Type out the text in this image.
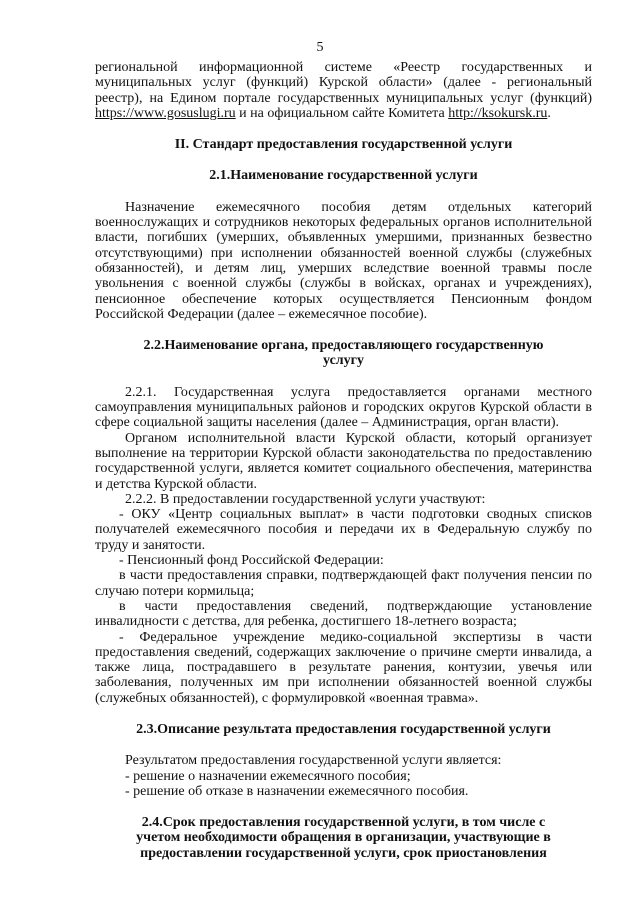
5

региональной информационной системе «Реестр государственных и муниципальных услуг (функций) Курской области» (далее - региональный реестр), на Едином портале государственных муниципальных услуг (функций) https://www.gosuslugi.ru и на официальном сайте Комитета http://ksokursk.ru.

II. Стандарт предоставления государственной услуги
2.1.Наименование государственной услуги

Назначение ежемесячного пособия детям отдельных категорий военнослужащих и сотрудников некоторых федеральных органов исполнительной власти, погибших (умерших, объявленных умершими, признанных безвестно отсутствующими) при исполнении обязанностей военной службы (служебных обязанностей), и детям лиц, умерших вследствие военной травмы после увольнения с военной службы (службы в войсках, органах и учреждениях), пенсионное обеспечение которых осуществляется Пенсионным фондом Российской Федерации (далее – ежемесячное пособие).

2.2.Наименование органа, предоставляющего государственную
услугу

2.2.1. Государственная услуга предоставляется органами местного самоуправления муниципальных районов и городских округов Курской области в сфере социальной защиты населения (далее – Администрация, орган власти).

Органом исполнительной власти Курской области, который организует выполнение на территории Курской области законодательства по предоставлению государственной услуги, является комитет социального обеспечения, материнства и детства Курской области.

2.2.2. В предоставлении государственной услуги участвуют:

- ОКУ «Центр социальных выплат» в части подготовки сводных списков получателей ежемесячного пособия и передачи их в Федеральную службу по труду и занятости.

- Пенсионный фонд Российской Федерации:

в части предоставления справки, подтверждающей факт получения пенсии по случаю потери кормильца;

в части предоставления сведений, подтверждающие установление инвалидности с детства, для ребенка, достигшего 18-летнего возраста;

- Федеральное учреждение медико-социальной экспертизы в части предоставления сведений, содержащих заключение о причине смерти инвалида, а также лица, пострадавшего в результате ранения, контузии, увечья или заболевания, полученных им при исполнении обязанностей военной службы (служебных обязанностей), с формулировкой «военная травма».

2.3.Описание результата предоставления государственной услуги

Результатом предоставления государственной услуги является:

- решение о назначении ежемесячного пособия;

- решение об отказе в назначении ежемесячного пособия.

2.4.Срок предоставления государственной услуги, в том числе с
учетом необходимости обращения в организации, участвующие в
предоставлении государственной услуги, срок приостановления
